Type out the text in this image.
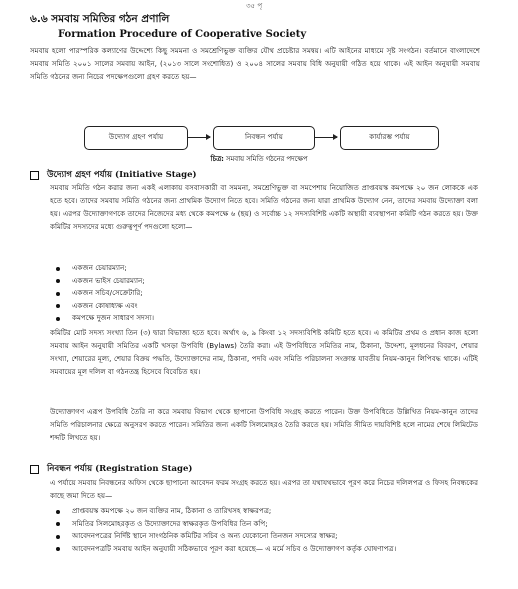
৩৫ পৃ
৬.৬ সমবায় সমিতির গঠন প্রণালি
Formation Procedure of Cooperative Society

সমবায় হলো পারস্পরিক কল্যাণের উদ্দেশ্যে কিছু সমমনা ও সমশ্রেণিভুক্ত ব্যক্তির যৌথ প্রচেষ্টার সমন্বয়। এটি আইনের মাধ্যমে সৃষ্ট সংগঠন। বর্তমানে বাংলাদেশে সমবায় সমিতি ২০০১ সালের সমবায় আইন, (২০১৩ সালে সংশোধিত) ও ২০০৪ সালের সমবায় বিধি অনুযায়ী গঠিত হয়ে থাকে। এই আইন অনুযায়ী সমবায় সমিতি গঠনের জন্য নিচের পদক্ষেপগুলো গ্রহণ করতে হয়—

উদ্যোগ গ্রহণ পর্যায়	নিবন্ধন পর্যায়	কার্যারম্ভ পর্যায়
চিত্র: সমবায় সমিতি গঠনের পদক্ষেপ
উদ্যোগ গ্রহণ পর্যায় (Initiative Stage)

সমবায় সমিতি গঠন করার জন্য একই এলাকায় বসবাসকারী বা সমমনা, সমশ্রেণিভুক্ত বা সমপেশায় নিয়োজিত প্রাপ্তবয়স্ক কমপক্ষে ২০ জন লোককে এক হতে হবে। তাদের সমবায় সমিতি গঠনের জন্য প্রাথমিক উদ্যোগ নিতে হবে। সমিতি গঠনের জন্য যারা প্রাথমিক উদ্যোগ নেন, তাদের সমবায় উদ্যোক্তা বলা হয়। এরপর উদ্যোক্তাগণকে তাদের নিজেদের মধ্য থেকে কমপক্ষে ৬ (ছয়) ও সর্বোচ্চ ১২ সদস্যবিশিষ্ট একটি অস্থায়ী ব্যবস্থাপনা কমিটি গঠন করতে হয়। উক্ত কমিটির সদস্যদের মধ্যে গুরুত্বপূর্ণ পদগুলো হলো—

একজন চেয়ারম্যান;
একজন ভাইস চেয়ারম্যান;
একজন সচিব/সেক্রেটারি;
একজন কোষাধ্যক্ষ এবং
কমপক্ষে দুজন সাধারণ সদস্য।

কমিটির মোট সদস্য সংখ্যা তিন (৩) দ্বারা বিভাজ্য হতে হবে। অর্থাৎ ৬, ৯ কিংবা ১২ সদস্যবিশিষ্ট কমিটি হতে হবে। এ কমিটির প্রথম ও প্রধান কাজ হলো সমবায় আইন অনুযায়ী সমিতির একটি খসড়া উপবিধি (Bylaws) তৈরি করা। এই উপবিধিতে সমিতির নাম, ঠিকানা, উদ্দেশ্য, মূলধনের বিবরণ, শেয়ার সংখ্যা, শেয়ারের মূল্য, শেয়ার বিক্রয় পদ্ধতি, উদ্যোক্তাদের নাম, ঠিকানা, পদবি এবং সমিতি পরিচালনা সংক্রান্ত যাবতীয় নিয়ম-কানুন লিপিবদ্ধ থাকে। এটিই সমবায়ের মূল দলিল বা গঠনতন্ত্র হিসেবে বিবেচিত হয়।

উদ্যোক্তাগণ এরূপ উপবিধি তৈরি না করে সমবায় বিভাগ থেকে ছাপানো উপবিধি সংগ্রহ করতে পারেন। উক্ত উপবিধিতে উল্লিখিত নিয়ম-কানুন তাদের সমিতি পরিচালনার ক্ষেত্রে অনুসরণ করতে পারেন। সমিতির জন্য একটি সিলমোহরও তৈরি করতে হয়। সমিতি সীমিত দায়বিশিষ্ট হলে নামের শেষে লিমিটেড শব্দটি লিখতে হয়।

নিবন্ধন পর্যায় (Registration Stage)

এ পর্যায়ে সমবায় নিবন্ধনের অফিস থেকে ছাপানো আবেদন ফরম সংগ্রহ করতে হয়। এরপর তা যথাযথভাবে পূরণ করে নিচের দলিলপত্র ও ফিসহ নিবন্ধকের কাছে জমা দিতে হয়—

প্রাপ্তবয়স্ক কমপক্ষে ২০ জন ব্যক্তির নাম, ঠিকানা ও তারিখসহ স্বাক্ষরপত্র;
সমিতির সিলমোহরকৃত ও উদ্যোক্তাদের স্বাক্ষরকৃত উপবিধির তিন কপি;
আবেদনপত্রের নির্দিষ্ট স্থানে সাংগঠনিক কমিটির সচিব ও অন্য যেকোনো তিনজন সদস্যের স্বাক্ষর;
আবেদনপত্রটি সমবায় আইন অনুযায়ী সঠিকভাবে পূরণ করা হয়েছে— এ মর্মে সচিব ও উদ্যোক্তাগণ কর্তৃক ঘোষণাপত্র।
